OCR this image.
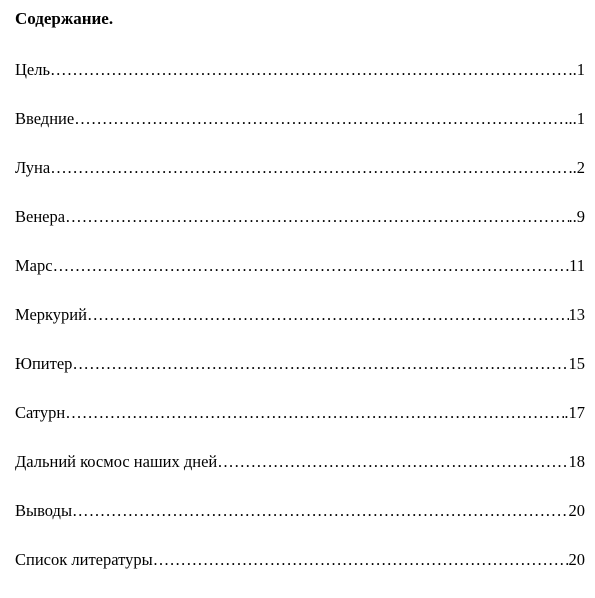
Содержание.
Цель ………………………………………………………………………………………………………………………………	.1
Введние ………………………………………………………………………………………………………………………………	...1
Луна ………………………………………………………………………………………………………………………………	.2
Венера ………………………………………………………………………………………………………………………………	..9
Марс ………………………………………………………………………………………………………………………………	11
Меркурий ………………………………………………………………………………………………………………………………	13
Юпитер ………………………………………………………………………………………………………………………………	15
Сатурн ………………………………………………………………………………………………………………………………	.17
Дальний космос наших дней ………………………………………………………………………………………………………………………………	18
Выводы ………………………………………………………………………………………………………………………………	20
Список литературы ………………………………………………………………………………………………………………………………	20
